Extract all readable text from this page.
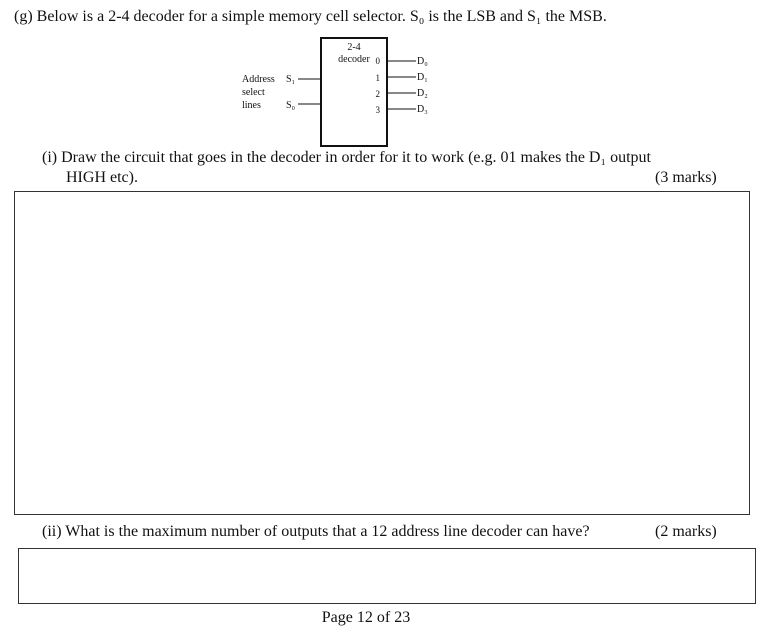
(g) Below is a 2-4 decoder for a simple memory cell selector. S₀ is the LSB and S₁ the MSB.
2-4
decoder
Address
select
lines
S₁
S₀
0
1
2
3
D₀
D₁
D₂
D₃
(i) Draw the circuit that goes in the decoder in order for it to work (e.g. 01 makes the D₁ output
HIGH etc).	(3 marks)
(ii) What is the maximum number of outputs that a 12 address line decoder can have?	(2 marks)
Page 12 of 23
